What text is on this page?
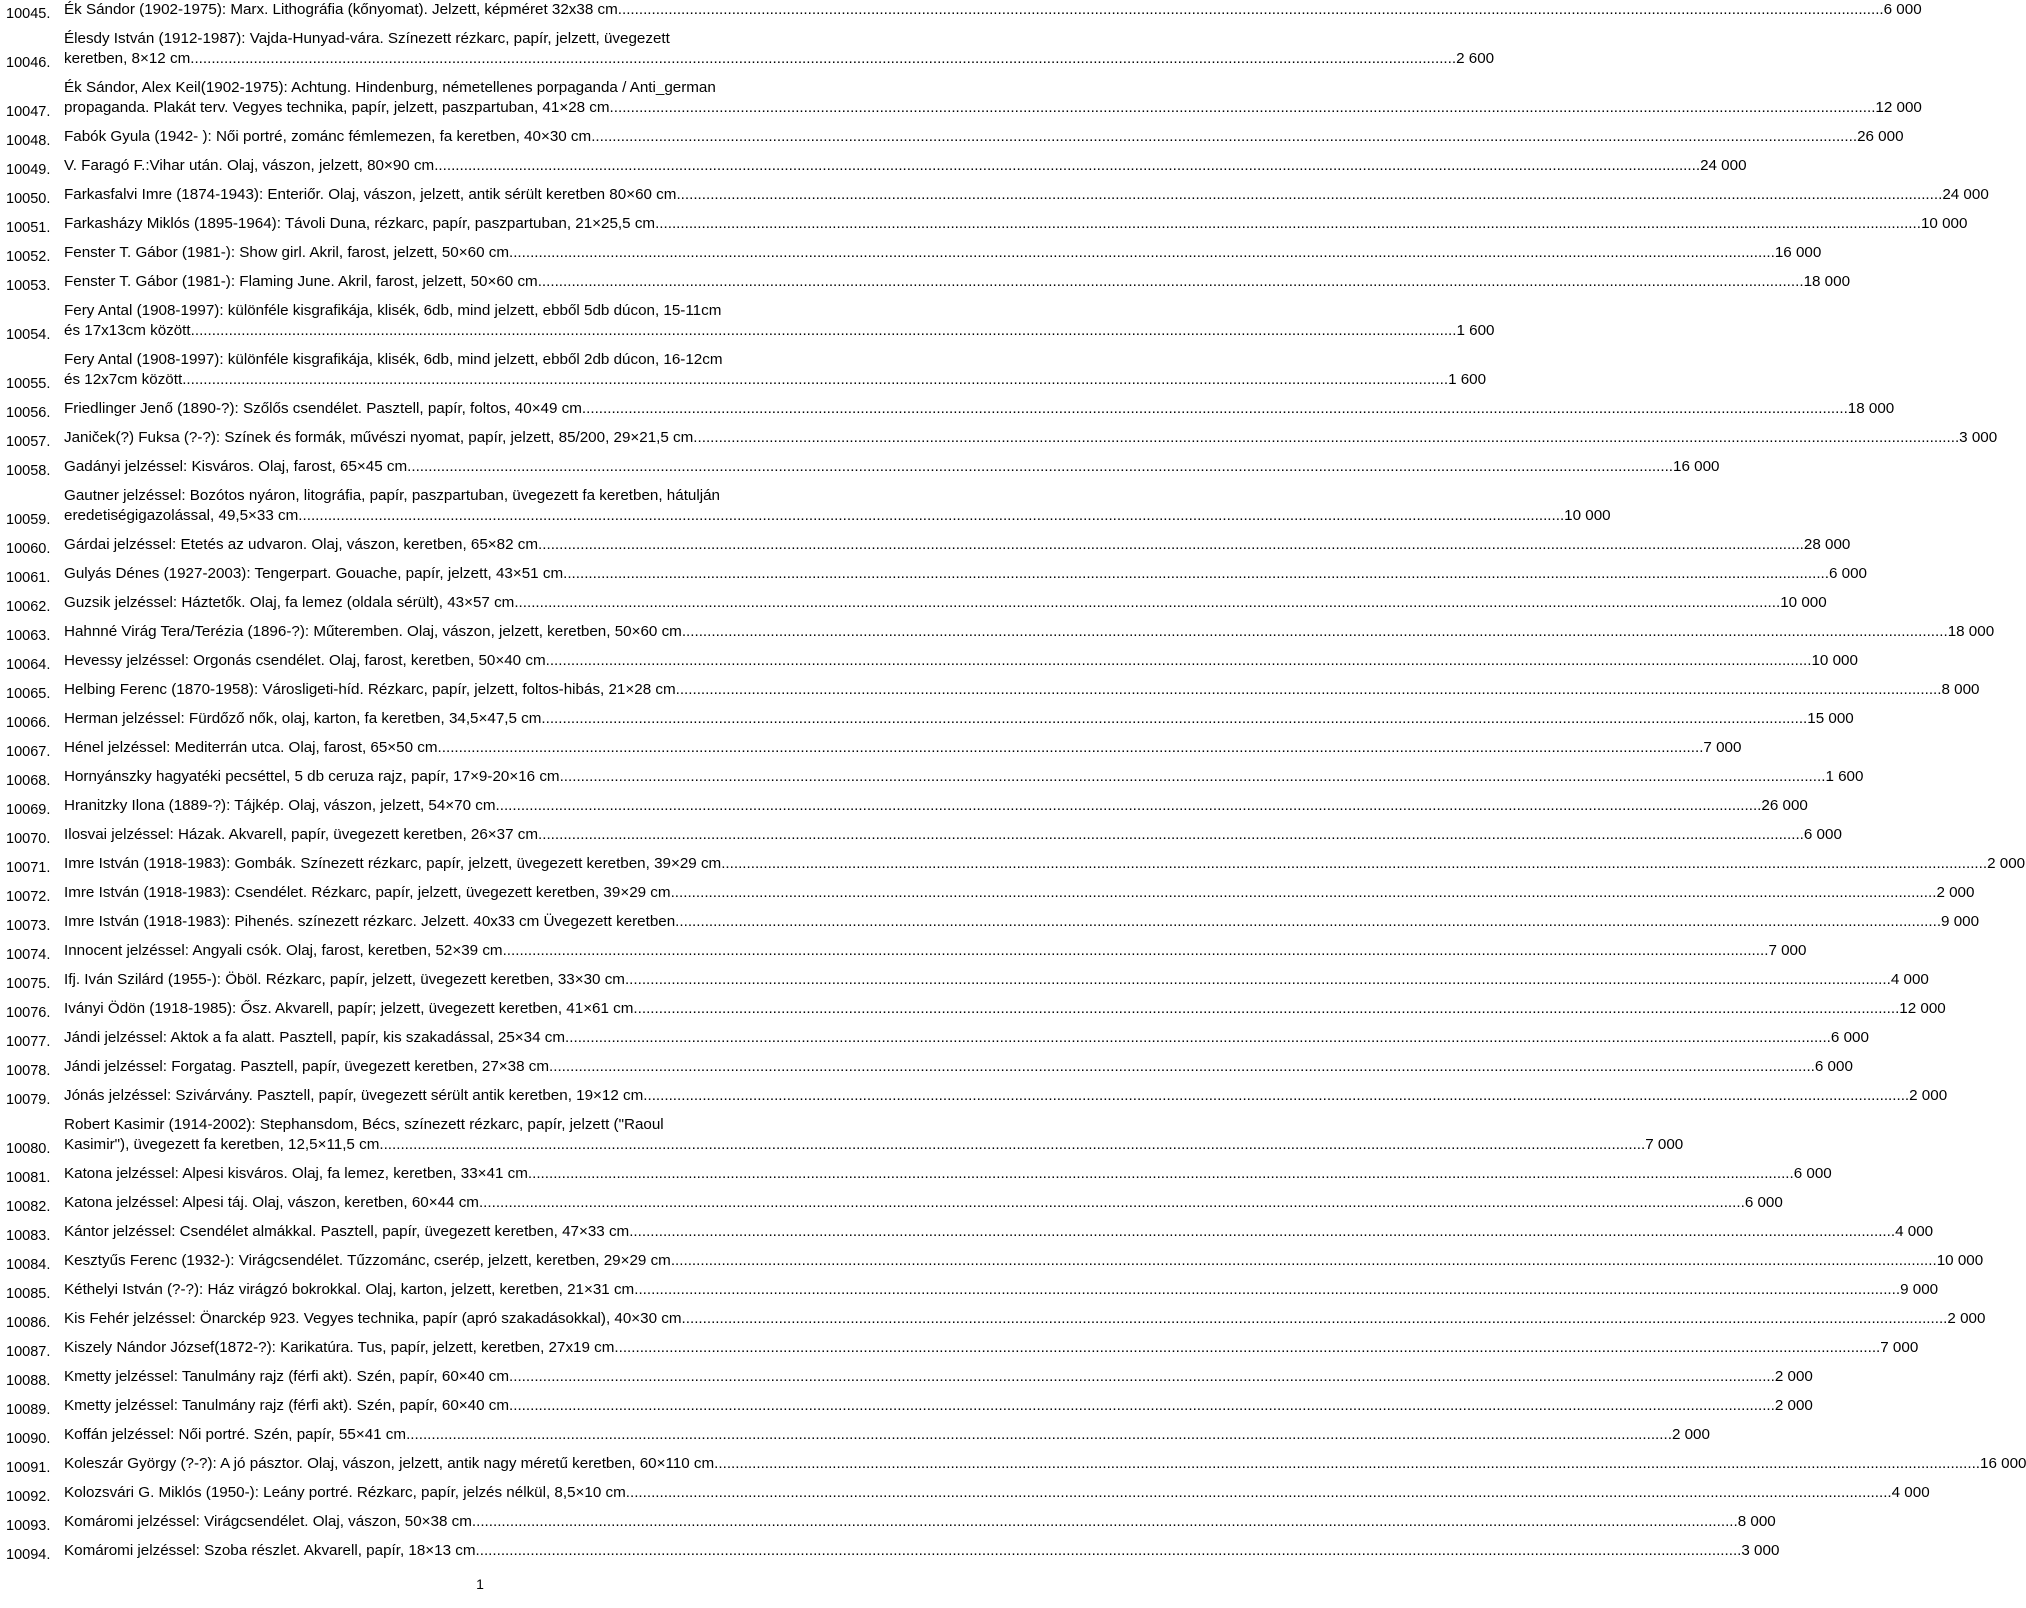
10045. Ék Sándor (1902-1975): Marx. Lithográfia (kőnyomat). Jelzett, képméret 32x38 cm ............................................................................................................................................................................................................................................................................................................ 6 000
10046.
Élesdy István (1912-1987): Vajda-Hunyad-vára. Színezett rézkarc, papír, jelzett, üvegezett
keretben, 8×12 cm ............................................................................................................................................................................................................................................................................................................ 2 600
10047.
Ék Sándor, Alex Keil(1902-1975): Achtung. Hindenburg, németellenes porpaganda / Anti_german
propaganda. Plakát terv. Vegyes technika, papír, jelzett, paszpartuban, 41×28 cm ............................................................................................................................................................................................................................................................................................................ 12 000
10048. Fabók Gyula (1942- ): Női portré, zománc fémlemezen, fa keretben, 40×30 cm ............................................................................................................................................................................................................................................................................................................ 26 000
10049. V. Faragó F.:Vihar után. Olaj, vászon, jelzett, 80×90 cm ............................................................................................................................................................................................................................................................................................................ 24 000
10050. Farkasfalvi Imre (1874-1943): Enteriőr. Olaj, vászon, jelzett, antik sérült keretben 80×60 cm ............................................................................................................................................................................................................................................................................................................ 24 000
10051. Farkasházy Miklós (1895-1964): Távoli Duna, rézkarc, papír, paszpartuban, 21×25,5 cm ............................................................................................................................................................................................................................................................................................................ 10 000
10052. Fenster T. Gábor (1981-): Show girl. Akril, farost, jelzett, 50×60 cm ............................................................................................................................................................................................................................................................................................................ 16 000
10053. Fenster T. Gábor (1981-): Flaming June. Akril, farost, jelzett, 50×60 cm ............................................................................................................................................................................................................................................................................................................ 18 000
10054.
Fery Antal (1908-1997): különféle kisgrafikája, klisék, 6db, mind jelzett, ebből 5db dúcon, 15-11cm
és 17x13cm között ............................................................................................................................................................................................................................................................................................................ 1 600
10055.
Fery Antal (1908-1997): különféle kisgrafikája, klisék, 6db, mind jelzett, ebből 2db dúcon, 16-12cm
és 12x7cm között ............................................................................................................................................................................................................................................................................................................ 1 600
10056. Friedlinger Jenő (1890-?): Szőlős csendélet. Pasztell, papír, foltos, 40×49 cm ............................................................................................................................................................................................................................................................................................................ 18 000
10057. Janiček(?) Fuksa (?-?): Színek és formák, művészi nyomat, papír, jelzett, 85/200, 29×21,5 cm ............................................................................................................................................................................................................................................................................................................ 3 000
10058. Gadányi jelzéssel: Kisváros. Olaj, farost, 65×45 cm ............................................................................................................................................................................................................................................................................................................ 16 000
10059.
Gautner jelzéssel: Bozótos nyáron, litográfia, papír, paszpartuban, üvegezett fa keretben, hátulján
eredetiségigazolással, 49,5×33 cm ............................................................................................................................................................................................................................................................................................................ 10 000
10060. Gárdai jelzéssel: Etetés az udvaron. Olaj, vászon, keretben, 65×82 cm ............................................................................................................................................................................................................................................................................................................ 28 000
10061. Gulyás Dénes (1927-2003): Tengerpart. Gouache, papír, jelzett, 43×51 cm ............................................................................................................................................................................................................................................................................................................ 6 000
10062. Guzsik jelzéssel: Háztetők. Olaj, fa lemez (oldala sérült), 43×57 cm ............................................................................................................................................................................................................................................................................................................ 10 000
10063. Hahnné Virág Tera/Terézia (1896-?): Műteremben. Olaj, vászon, jelzett, keretben, 50×60 cm ............................................................................................................................................................................................................................................................................................................ 18 000
10064. Hevessy jelzéssel: Orgonás csendélet. Olaj, farost, keretben, 50×40 cm ............................................................................................................................................................................................................................................................................................................ 10 000
10065. Helbing Ferenc (1870-1958): Városligeti-híd. Rézkarc, papír, jelzett, foltos-hibás, 21×28 cm ............................................................................................................................................................................................................................................................................................................ 8 000
10066. Herman jelzéssel: Fürdőző nők, olaj, karton, fa keretben, 34,5×47,5 cm ............................................................................................................................................................................................................................................................................................................ 15 000
10067. Hénel jelzéssel: Mediterrán utca. Olaj, farost, 65×50 cm ............................................................................................................................................................................................................................................................................................................ 7 000
10068. Hornyánszky hagyatéki pecséttel, 5 db ceruza rajz, papír, 17×9-20×16 cm ............................................................................................................................................................................................................................................................................................................ 1 600
10069. Hranitzky Ilona (1889-?): Tájkép. Olaj, vászon, jelzett, 54×70 cm ............................................................................................................................................................................................................................................................................................................ 26 000
10070. Ilosvai jelzéssel: Házak. Akvarell, papír, üvegezett keretben, 26×37 cm ............................................................................................................................................................................................................................................................................................................ 6 000
10071. Imre István (1918-1983): Gombák. Színezett rézkarc, papír, jelzett, üvegezett keretben, 39×29 cm ............................................................................................................................................................................................................................................................................................................ 2 000
10072. Imre István (1918-1983): Csendélet. Rézkarc, papír, jelzett, üvegezett keretben, 39×29 cm ............................................................................................................................................................................................................................................................................................................ 2 000
10073. Imre István (1918-1983): Pihenés. színezett rézkarc. Jelzett. 40x33 cm Üvegezett keretben ............................................................................................................................................................................................................................................................................................................ 9 000
10074. Innocent jelzéssel: Angyali csók. Olaj, farost, keretben, 52×39 cm ............................................................................................................................................................................................................................................................................................................ 7 000
10075. Ifj. Iván Szilárd (1955-): Öböl. Rézkarc, papír, jelzett, üvegezett keretben, 33×30 cm ............................................................................................................................................................................................................................................................................................................ 4 000
10076. Iványi Ödön (1918-1985): Ősz. Akvarell, papír; jelzett, üvegezett keretben, 41×61 cm ............................................................................................................................................................................................................................................................................................................ 12 000
10077. Jándi jelzéssel: Aktok a fa alatt. Pasztell, papír, kis szakadással, 25×34 cm ............................................................................................................................................................................................................................................................................................................ 6 000
10078. Jándi jelzéssel: Forgatag. Pasztell, papír, üvegezett keretben, 27×38 cm ............................................................................................................................................................................................................................................................................................................ 6 000
10079. Jónás jelzéssel: Szivárvány. Pasztell, papír, üvegezett sérült antik keretben, 19×12 cm ............................................................................................................................................................................................................................................................................................................ 2 000
10080.
Robert Kasimir (1914-2002): Stephansdom, Bécs, színezett rézkarc, papír, jelzett ("Raoul
Kasimir"), üvegezett fa keretben, 12,5×11,5 cm ............................................................................................................................................................................................................................................................................................................ 7 000
10081. Katona jelzéssel: Alpesi kisváros. Olaj, fa lemez, keretben, 33×41 cm ............................................................................................................................................................................................................................................................................................................ 6 000
10082. Katona jelzéssel: Alpesi táj. Olaj, vászon, keretben, 60×44 cm ............................................................................................................................................................................................................................................................................................................ 6 000
10083. Kántor jelzéssel: Csendélet almákkal. Pasztell, papír, üvegezett keretben, 47×33 cm ............................................................................................................................................................................................................................................................................................................ 4 000
10084. Kesztyűs Ferenc (1932-): Virágcsendélet. Tűzzománc, cserép, jelzett, keretben, 29×29 cm ............................................................................................................................................................................................................................................................................................................ 10 000
10085. Kéthelyi István (?-?): Ház virágzó bokrokkal. Olaj, karton, jelzett, keretben, 21×31 cm ............................................................................................................................................................................................................................................................................................................ 9 000
10086. Kis Fehér jelzéssel: Önarckép 923. Vegyes technika, papír (apró szakadásokkal), 40×30 cm ............................................................................................................................................................................................................................................................................................................ 2 000
10087. Kiszely Nándor József(1872-?): Karikatúra. Tus, papír, jelzett, keretben, 27x19 cm ............................................................................................................................................................................................................................................................................................................ 7 000
10088. Kmetty jelzéssel: Tanulmány rajz (férfi akt). Szén, papír, 60×40 cm ............................................................................................................................................................................................................................................................................................................ 2 000
10089. Kmetty jelzéssel: Tanulmány rajz (férfi akt). Szén, papír, 60×40 cm ............................................................................................................................................................................................................................................................................................................ 2 000
10090. Koffán jelzéssel: Női portré. Szén, papír, 55×41 cm ............................................................................................................................................................................................................................................................................................................ 2 000
10091. Koleszár György (?-?): A jó pásztor. Olaj, vászon, jelzett, antik nagy méretű keretben, 60×110 cm ............................................................................................................................................................................................................................................................................................................ 16 000
10092. Kolozsvári G. Miklós (1950-): Leány portré. Rézkarc, papír, jelzés nélkül, 8,5×10 cm ............................................................................................................................................................................................................................................................................................................ 4 000
10093. Komáromi jelzéssel: Virágcsendélet. Olaj, vászon, 50×38 cm ............................................................................................................................................................................................................................................................................................................ 8 000
10094. Komáromi jelzéssel: Szoba részlet. Akvarell, papír, 18×13 cm ............................................................................................................................................................................................................................................................................................................ 3 000
1
